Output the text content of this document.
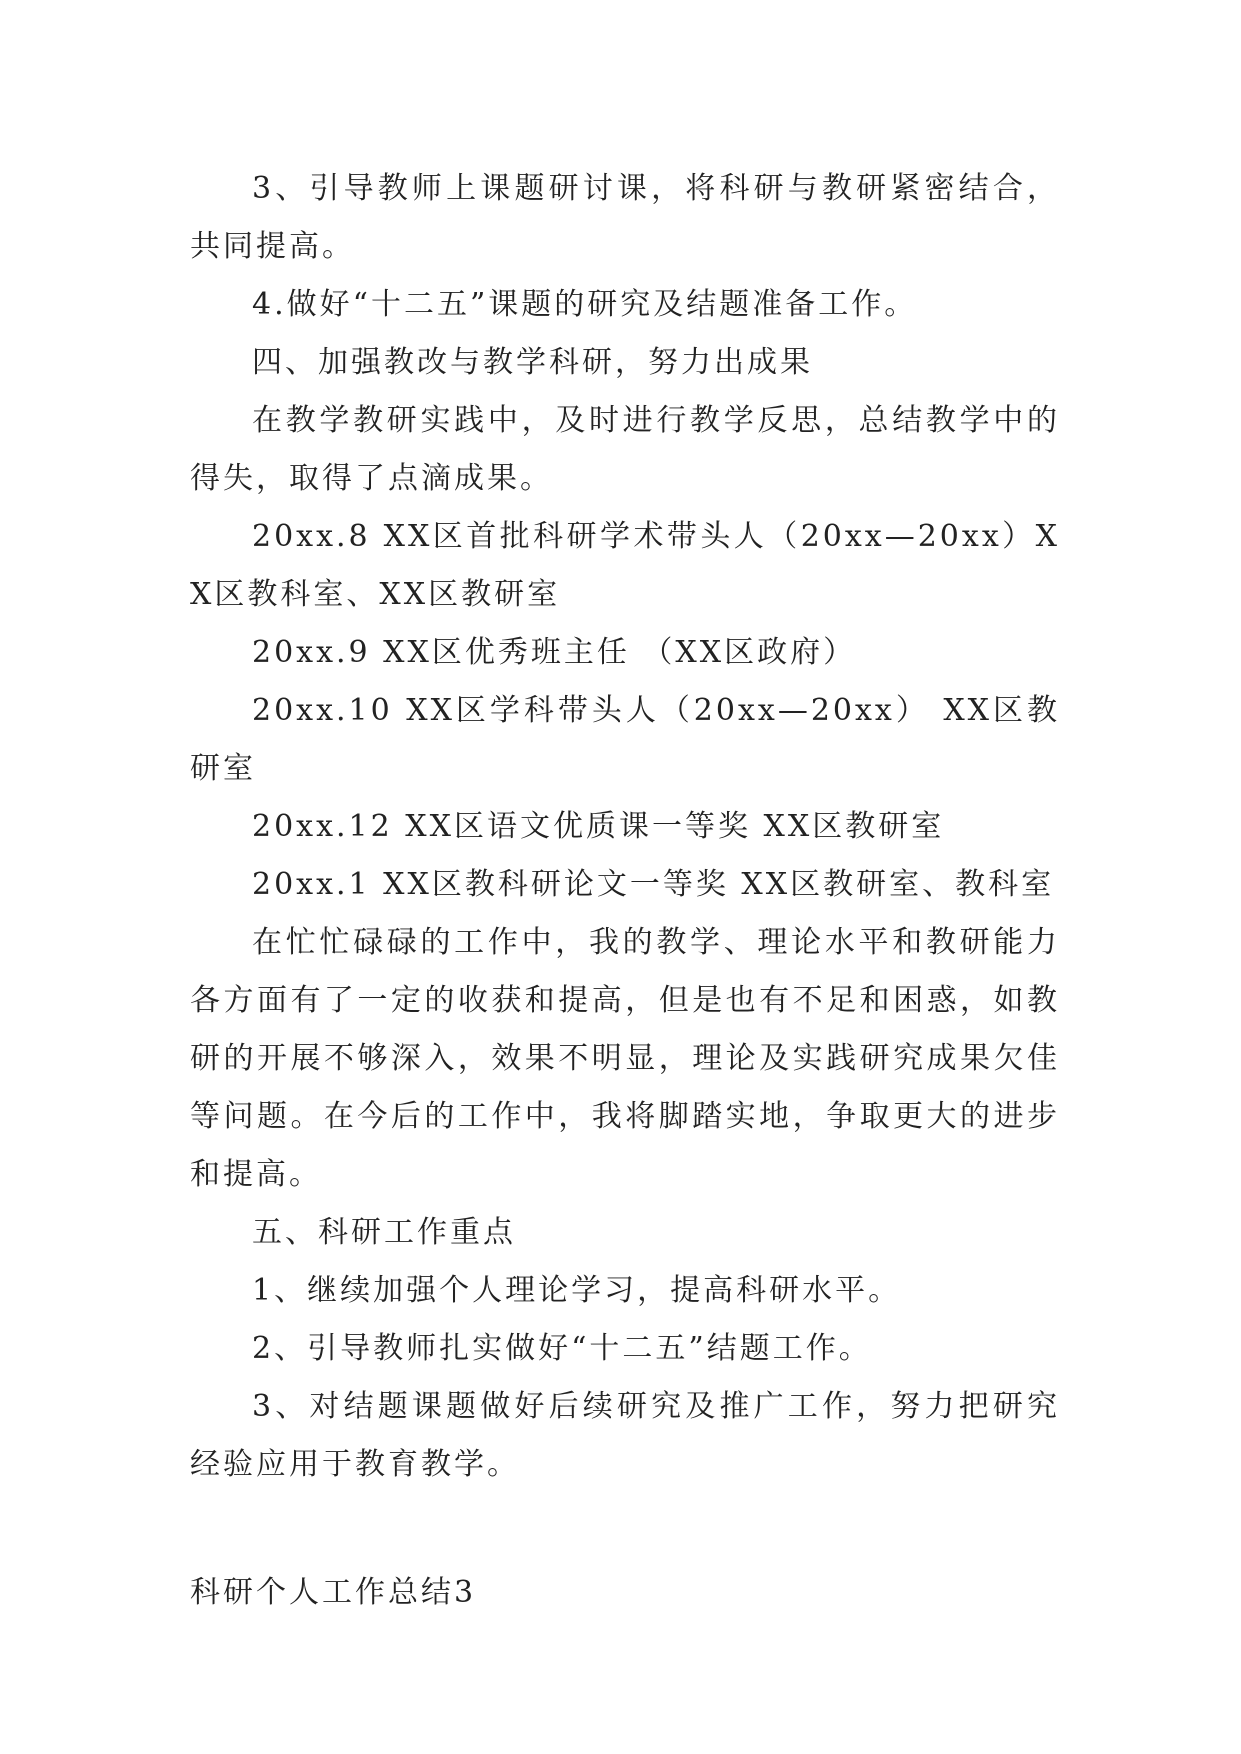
3、引导教师上课题研讨课，将科研与教研紧密结合，共同提高。

4.做好“十二五”课题的研究及结题准备工作。

四、加强教改与教学科研，努力出成果

在教学教研实践中，及时进行教学反思，总结教学中的得失，取得了点滴成果。

20xx.8 XX区首批科研学术带头人（20xx—20xx）XX区教科室、XX区教研室

20xx.9 XX区优秀班主任 （XX区政府）

20xx.10 XX区学科带头人（20xx—20xx） XX区教研室

20xx.12 XX区语文优质课一等奖 XX区教研室

20xx.1 XX区教科研论文一等奖 XX区教研室、教科室

在忙忙碌碌的工作中，我的教学、理论水平和教研能力各方面有了一定的收获和提高，但是也有不足和困惑，如教研的开展不够深入，效果不明显，理论及实践研究成果欠佳等问题。在今后的工作中，我将脚踏实地，争取更大的进步和提高。

五、科研工作重点

1、继续加强个人理论学习，提高科研水平。

2、引导教师扎实做好“十二五”结题工作。

3、对结题课题做好后续研究及推广工作，努力把研究经验应用于教育教学。

科研个人工作总结3
